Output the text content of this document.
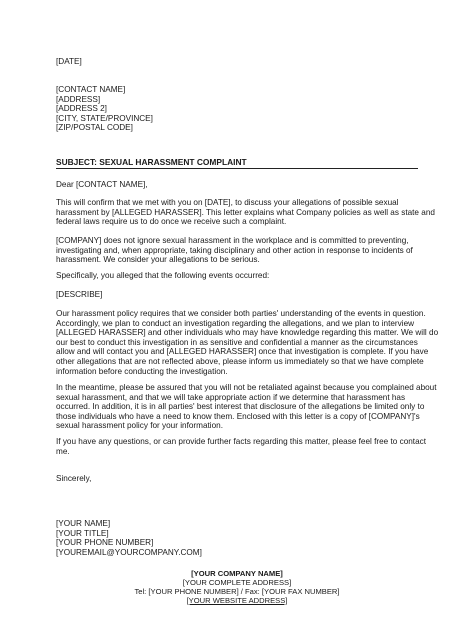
[DATE]
[CONTACT NAME]
[ADDRESS]
[ADDRESS 2]
[CITY, STATE/PROVINCE]
[ZIP/POSTAL CODE]
SUBJECT: SEXUAL HARASSMENT COMPLAINT
Dear [CONTACT NAME],
This will confirm that we met with you on [DATE], to discuss your allegations of possible sexual
harassment by [ALLEGED HARASSER]. This letter explains what Company policies as well as state and
federal laws require us to do once we receive such a complaint.
[COMPANY] does not ignore sexual harassment in the workplace and is committed to preventing,
investigating and, when appropriate, taking disciplinary and other action in response to incidents of
harassment. We consider your allegations to be serious.
Specifically, you alleged that the following events occurred:
[DESCRIBE]
Our harassment policy requires that we consider both parties' understanding of the events in question.
Accordingly, we plan to conduct an investigation regarding the allegations, and we plan to interview
[ALLEGED HARASSER] and other individuals who may have knowledge regarding this matter. We will do
our best to conduct this investigation in as sensitive and confidential a manner as the circumstances
allow and will contact you and [ALLEGED HARASSER] once that investigation is complete. If you have
other allegations that are not reflected above, please inform us immediately so that we have complete
information before conducting the investigation.
In the meantime, please be assured that you will not be retaliated against because you complained about
sexual harassment, and that we will take appropriate action if we determine that harassment has
occurred. In addition, it is in all parties' best interest that disclosure of the allegations be limited only to
those individuals who have a need to know them. Enclosed with this letter is a copy of [COMPANY]'s
sexual harassment policy for your information.
If you have any questions, or can provide further facts regarding this matter, please feel free to contact
me.
Sincerely,
[YOUR NAME]
[YOUR TITLE]
[YOUR PHONE NUMBER]
[YOUREMAIL@YOURCOMPANY.COM]
[YOUR COMPANY NAME]
[YOUR COMPLETE ADDRESS]
Tel: [YOUR PHONE NUMBER] / Fax: [YOUR FAX NUMBER]
[YOUR WEBSITE ADDRESS]
